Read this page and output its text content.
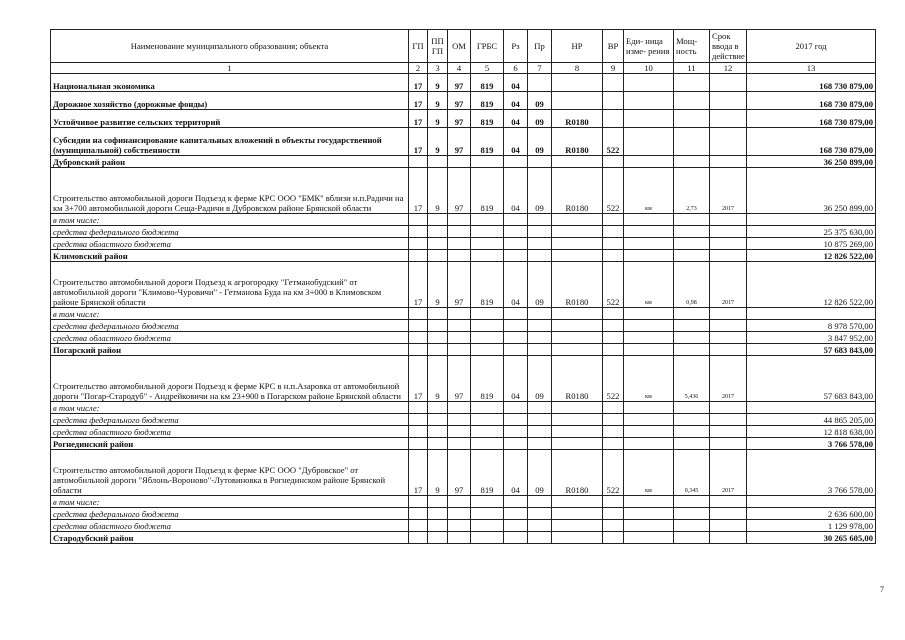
Наименование муниципального образования; объекта	ГП	ППГП	ОМ	ГРБС	Рз	Пр	НР	ВР	Еди- ница изме- рения	Мощ- ность	Срок ввода в действие	2017 год
1	2	3	4	5	6	7	8	9	10	11	12	13
Национальная экономика	17	9	97	819	04							168 730 879,00
Дорожное хозяйство (дорожные фонды)	17	9	97	819	04	09						168 730 879,00
Устойчивое развитие сельских территорий	17	9	97	819	04	09	R0180					168 730 879,00
Субсидии на софинансирование капитальных вложений в объекты государственной (муниципальной) собственности	17	9	97	819	04	09	R0180	522				168 730 879,00
Дубровский район												36 250 899,00
Строительство автомобильной дороги Подъезд к ферме КРС ООО "БМК" вблизи н.п.Радичи на км 3+700 автомобильной дороги Сеща-Радичи в Дубровском районе Брянской области	17	9	97	819	04	09	R0180	522	км	2,73	2017	36 250 899,00
в том числе:												
средства федерального бюджета												25 375 630,00
средства областного бюджета												10 875 269,00
Климовский район												12 826 522,00
Строительство автомобильной дороги Подъезд к агрогородку "Гетманобудский" от автомобильной дороги "Климово-Чуровичи" - Гетманова Буда на км 3+000 в Климовском районе Брянской области	17	9	97	819	04	09	R0180	522	км	0,98	2017	12 826 522,00
в том числе:												
средства федерального бюджета												8 978 570,00
средства областного бюджета												3 847 952,00
Погарский район												57 683 843,00
Строительство автомобильной дороги Подъезд к ферме КРС в н.п.Азаровка от автомобильной дороги "Погар-Стародуб" - Андрейковичи на км 23+900 в Погарском районе Брянской области	17	9	97	819	04	09	R0180	522	км	5,436	2017	57 683 843,00
в том числе:												
средства федерального бюджета												44 865 205,00
средства областного бюджета												12 818 638,00
Рогнединский район												3 766 578,00
Строительство автомобильной дороги Подъезд к ферме КРС ООО "Дубровское" от автомобильной дороги "Яблонь-Вороново"-Лутовиновка в Рогнединском районе Брянской области	17	9	97	819	04	09	R0180	522	км	0,345	2017	3 766 578,00
в том числе:												
средства федерального бюджета												2 636 600,00
средства областного бюджета												1 129 978,00
Стародубский район												30 265 605,00
7
